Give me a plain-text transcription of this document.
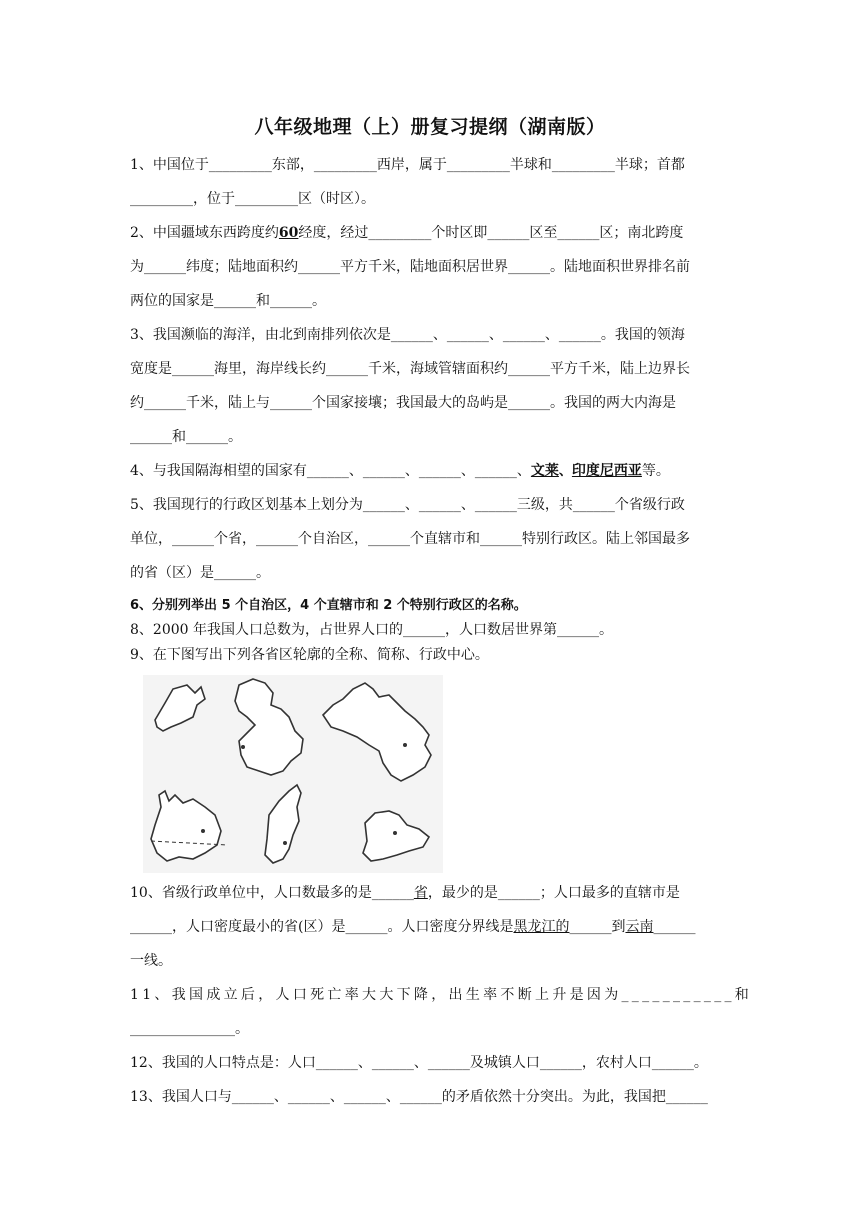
八年级地理（上）册复习提纲（湖南版）
1、中国位于_________东部，_________西岸，属于_________半球和_________半球；首都
_________，位于_________区（时区）。
2、中国疆域东西跨度约60经度，经过_________个时区即______区至______区；南北跨度
为______纬度；陆地面积约______平方千米，陆地面积居世界______。陆地面积世界排名前
两位的国家是______和______。
3、我国濒临的海洋，由北到南排列依次是______、______、______、______。我国的领海
宽度是______海里，海岸线长约______千米，海域管辖面积约______平方千米，陆上边界长
约______千米，陆上与______个国家接壤；我国最大的岛屿是______。我国的两大内海是
______和______。
4、与我国隔海相望的国家有______、______、______、______、文莱、印度尼西亚等。
5、我国现行的行政区划基本上划分为______、______、______三级，共______个省级行政
单位，______个省，______个自治区，______个直辖市和______特别行政区。陆上邻国最多
的省（区）是______。
6、分别列举出 5 个自治区，4 个直辖市和 2 个特别行政区的名称。
8、2000 年我国人口总数为，占世界人口的______，人口数居世界第______。
9、在下图写出下列各省区轮廓的全称、简称、行政中心。
10、省级行政单位中，人口数最多的是______省，最少的是______；人口最多的直辖市是
______，人口密度最小的省(区）是______。人口密度分界线是黑龙江的______到云南______
一线。
11、我国成立后，人口死亡率大大下降，出生率不断上升是因为___________和
_______________。
12、我国的人口特点是：人口______、______、______及城镇人口______，农村人口______。
13、我国人口与______、______、______、______的矛盾依然十分突出。为此，我国把______
